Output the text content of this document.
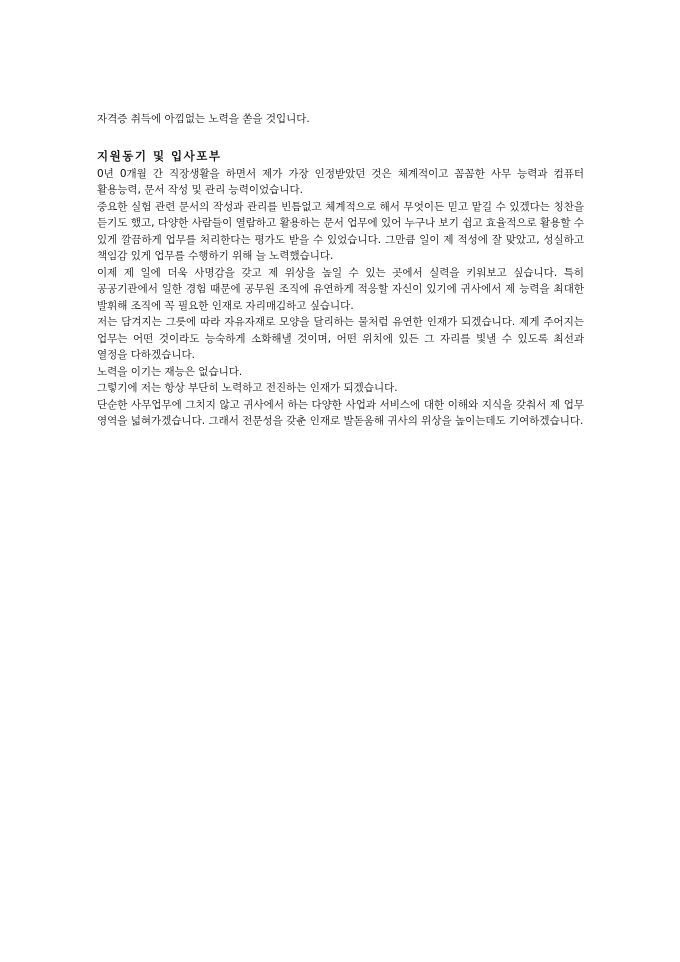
자격증 취득에 아낌없는 노력을 쏟을 것입니다.

지원동기 및 입사포부

0년 0개월 간 직장생활을 하면서 제가 가장 인정받았던 것은 체계적이고 꼼꼼한 사무 능력과 컴퓨터 활용능력, 문서 작성 및 관리 능력이었습니다.

중요한 실험 관련 문서의 작성과 관리를 빈틈없고 체계적으로 해서 무엇이든 믿고 맡길 수 있겠다는 칭찬을 듣기도 했고, 다양한 사람들이 열람하고 활용하는 문서 업무에 있어 누구나 보기 쉽고 효율적으로 활용할 수 있게 깔끔하게 업무를 처리한다는 평가도 받을 수 있었습니다. 그만큼 일이 제 적성에 잘 맞았고, 성실하고 책임감 있게 업무를 수행하기 위해 늘 노력했습니다.

이제 제 일에 더욱 사명감을 갖고 제 위상을 높일 수 있는 곳에서 실력을 키워보고 싶습니다. 특히 공공기관에서 일한 경험 때문에 공무원 조직에 유연하게 적응할 자신이 있기에 귀사에서 제 능력을 최대한 발휘해 조직에 꼭 필요한 인재로 자리매김하고 싶습니다.

저는 담겨지는 그릇에 따라 자유자재로 모양을 달리하는 물처럼 유연한 인재가 되겠습니다. 제게 주어지는 업무는 어떤 것이라도 능숙하게 소화해낼 것이며, 어떤 위치에 있든 그 자리를 빛낼 수 있도록 최선과 열정을 다하겠습니다.

노력을 이기는 재능은 없습니다.

그렇기에 저는 항상 부단히 노력하고 전진하는 인재가 되겠습니다.

단순한 사무업무에 그치지 않고 귀사에서 하는 다양한 사업과 서비스에 대한 이해와 지식을 갖춰서 제 업무 영역을 넓혀가겠습니다. 그래서 전문성을 갖춘 인재로 발돋움해 귀사의 위상을 높이는데도 기여하겠습니다.
